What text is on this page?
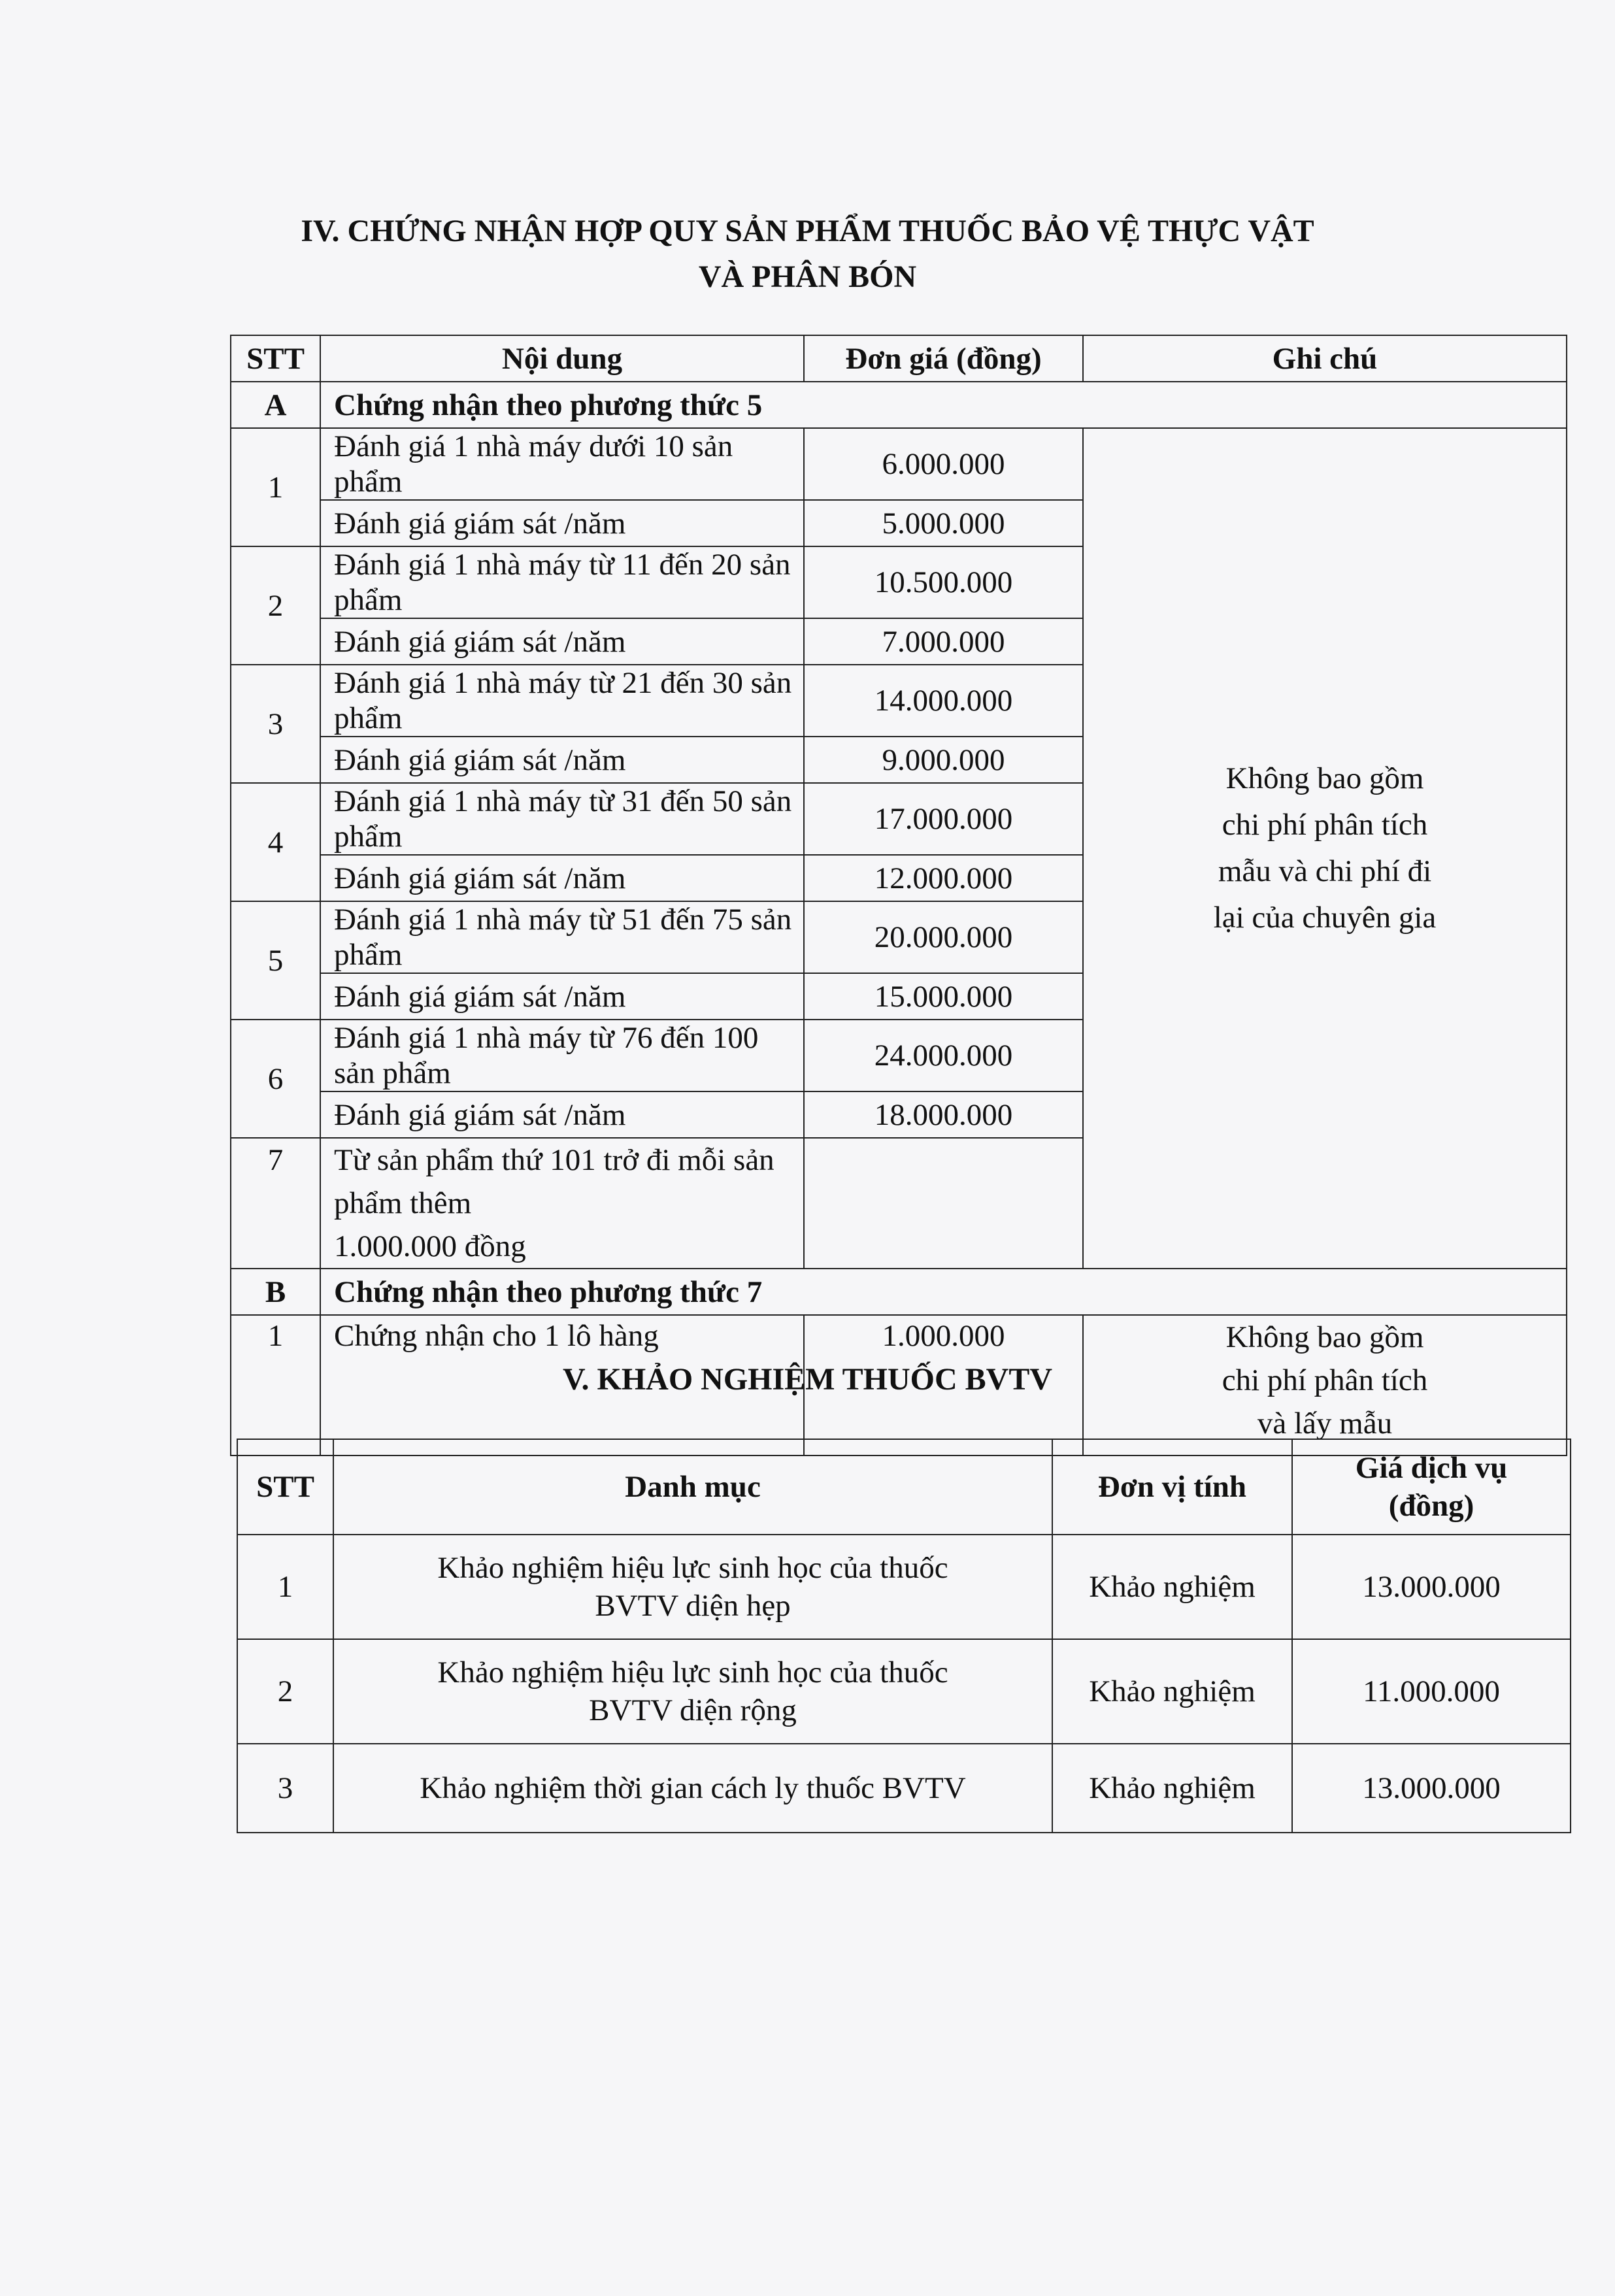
IV. CHỨNG NHẬN HỢP QUY SẢN PHẨM THUỐC BẢO VỆ THỰC VẬT
VÀ PHÂN BÓN
STT	Nội dung	Đơn giá (đồng)	Ghi chú
A	Chứng nhận theo phương thức 5		
1	Đánh giá 1 nhà máy dưới 10 sản phẩm	6.000.000	Không bao gồm
chi phí phân tích
mẫu và chi phí đi
lại của chuyên gia

	Đánh giá giám sát /năm	5.000.000	
2	Đánh giá 1 nhà máy từ 11 đến 20 sản phẩm	10.500.000	
	Đánh giá giám sát /năm	7.000.000	
3	Đánh giá 1 nhà máy từ 21 đến 30 sản phẩm	14.000.000	
	Đánh giá giám sát /năm	9.000.000	
4	Đánh giá 1 nhà máy từ 31 đến 50 sản phẩm	17.000.000	
	Đánh giá giám sát /năm	12.000.000	
5	Đánh giá 1 nhà máy từ 51 đến 75 sản phẩm	20.000.000	
	Đánh giá giám sát /năm	15.000.000	
6	Đánh giá 1 nhà máy từ 76 đến 100 sản phẩm	24.000.000	
	Đánh giá giám sát /năm	18.000.000	
7	Từ sản phẩm thứ 101 trở đi mỗi sản phẩm thêm
1.000.000 đồng		

B	Chứng nhận theo phương thức 7		
1	Chứng nhận cho 1 lô hàng	1.000.000	Không bao gồm
chi phí phân tích
và lấy mẫu
V. KHẢO NGHIỆM THUỐC BVTV
STT	Danh mục	Đơn vị tính	Giá dịch vụ
(đồng)

1	Khảo nghiệm hiệu lực sinh học của thuốc
BVTV diện hẹp	Khảo nghiệm	13.000.000
2	Khảo nghiệm hiệu lực sinh học của thuốc
BVTV diện rộng	Khảo nghiệm	11.000.000
3	Khảo nghiệm thời gian cách ly thuốc BVTV	Khảo nghiệm	13.000.000
